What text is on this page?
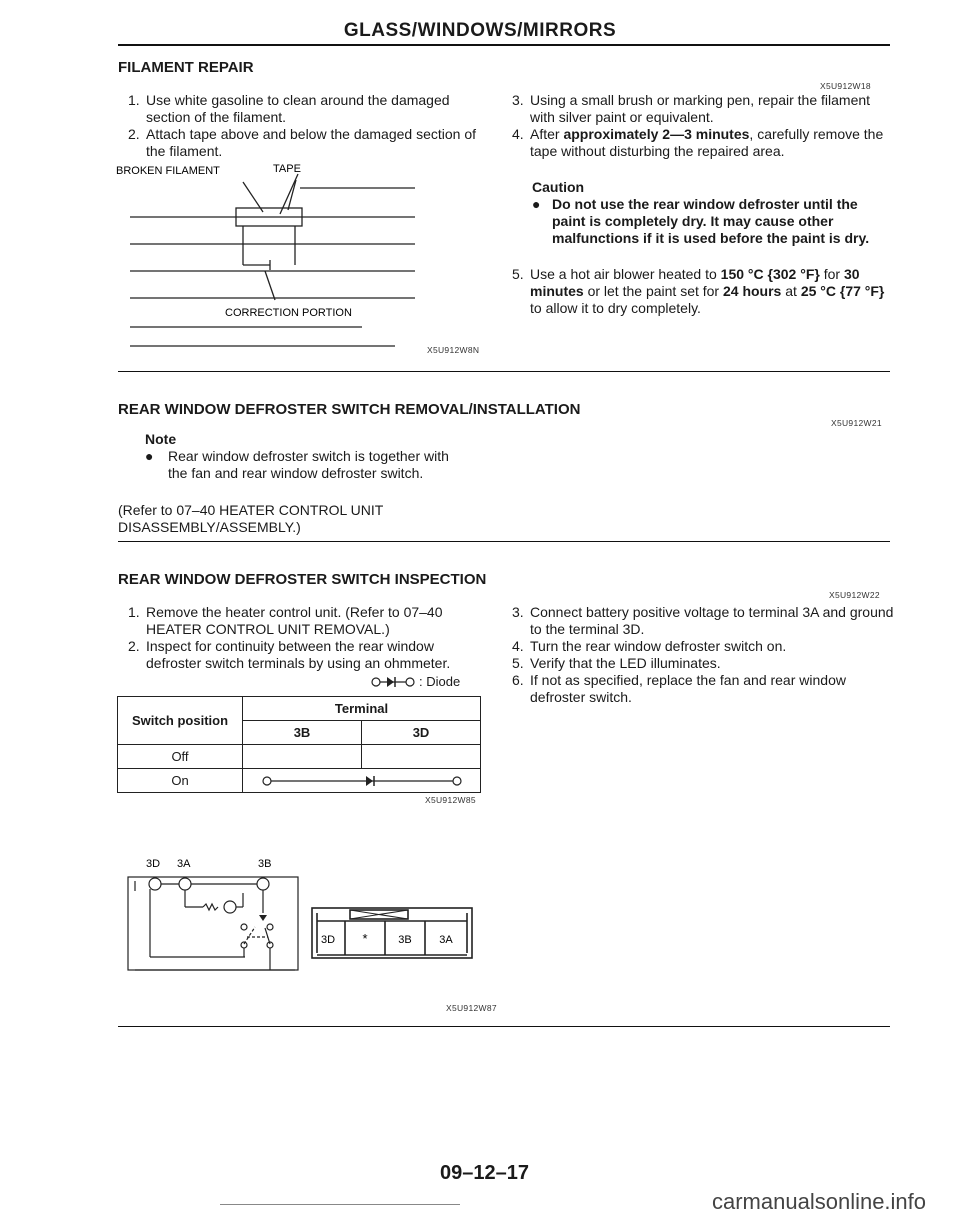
GLASS/WINDOWS/MIRRORS
FILAMENT REPAIR
X5U912W18
1. Use white gasoline to clean around the damaged section of the filament.
2. Attach tape above and below the damaged section of the filament.
3. Using a small brush or marking pen, repair the filament with silver paint or equivalent.
4. After approximately 2—3 minutes, carefully remove the tape without disturbing the repaired area.
Caution
● Do not use the rear window defroster until the paint is completely dry. It may cause other malfunctions if it is used before the paint is dry.
5. Use a hot air blower heated to 150 °C {302 °F} for 30 minutes or let the paint set for 24 hours at 25 °C {77 °F} to allow it to dry completely.
BROKEN FILAMENT	TAPE
CORRECTION PORTION
X5U912W8N
REAR WINDOW DEFROSTER SWITCH REMOVAL/INSTALLATION
X5U912W21
Note
●	Rear window defroster switch is together with the fan and rear window defroster switch.
(Refer to 07–40 HEATER CONTROL UNIT DISASSEMBLY/ASSEMBLY.)
REAR WINDOW DEFROSTER SWITCH INSPECTION
X5U912W22
1. Remove the heater control unit. (Refer to 07–40 HEATER CONTROL UNIT REMOVAL.)
2. Inspect for continuity between the rear window defroster switch terminals by using an ohmmeter.
3. Connect battery positive voltage to terminal 3A and ground to the terminal 3D.
4. Turn the rear window defroster switch on.
5. Verify that the LED illuminates.
6. If not as specified, replace the fan and rear window defroster switch.
: Diode
Switch position	Terminal	
	3B	3D
Off		
On	
X5U912W85
3D 3A	3B
3D *	3B	3A
X5U912W87
09–12–17
carmanualsonline.info
